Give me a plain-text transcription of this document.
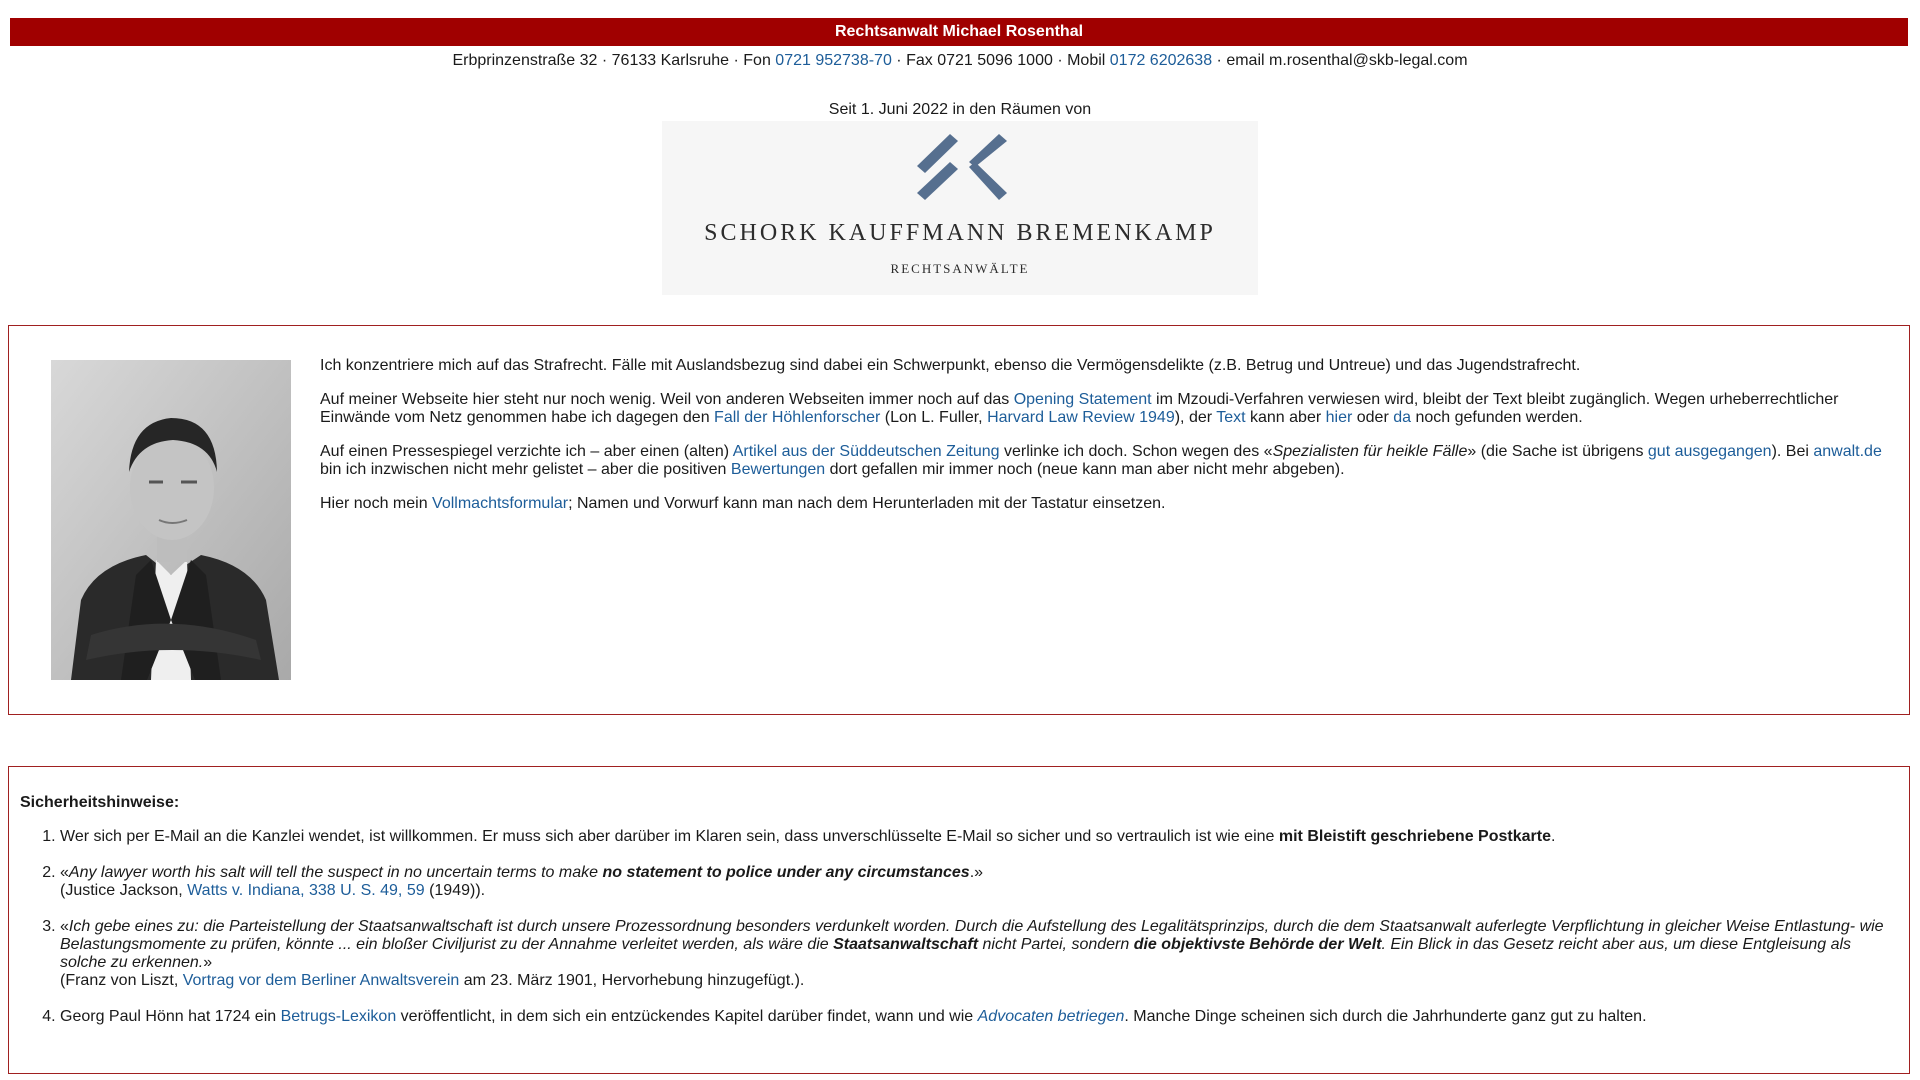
Rechtsanwalt Michael Rosenthal
Erbprinzenstraße 32 · 76133 Karlsruhe · Fon 0721 952738-70 · Fax 0721 5096 1000 · Mobil 0172 6202638 · email m.rosenthal@skb-legal.com
Seit 1. Juni 2022 in den Räumen von
SCHORK KAUFFMANN BREMENKAMP
RECHTSANWÄLTE

Ich konzentriere mich auf das Strafrecht. Fälle mit Auslandsbezug sind dabei ein Schwerpunkt, ebenso die Vermögensdelikte (z.B. Betrug und Untreue) und das Jugendstrafrecht.

Auf meiner Webseite hier steht nur noch wenig. Weil von anderen Webseiten immer noch auf das Opening Statement im Mzoudi-Verfahren verwiesen wird, bleibt der Text bleibt zugänglich. Wegen urheberrechtlicher Einwände vom Netz genommen habe ich dagegen den Fall der Höhlenforscher (Lon L. Fuller, Harvard Law Review 1949), der Text kann aber hier oder da noch gefunden werden.

Auf einen Pressespiegel verzichte ich – aber einen (alten) Artikel aus der Süddeutschen Zeitung verlinke ich doch. Schon wegen des «Spezialisten für heikle Fälle» (die Sache ist übrigens gut ausgegangen). Bei anwalt.de bin ich inzwischen nicht mehr gelistet – aber die positiven Bewertungen dort gefallen mir immer noch (neue kann man aber nicht mehr abgeben).

Hier noch mein Vollmachtsformular; Namen und Vorwurf kann man nach dem Herunterladen mit der Tastatur einsetzen.

Sicherheitshinweise:
1. Wer sich per E-Mail an die Kanzlei wendet, ist willkommen. Er muss sich aber darüber im Klaren sein, dass unverschlüsselte E-Mail so sicher und so vertraulich ist wie eine mit Bleistift geschriebene Postkarte.
2. «Any lawyer worth his salt will tell the suspect in no uncertain terms to make no statement to police under any circumstances.»
(Justice Jackson, Watts v. Indiana, 338 U. S. 49, 59 (1949)).
3. «Ich gebe eines zu: die Parteistellung der Staatsanwaltschaft ist durch unsere Prozessordnung besonders verdunkelt worden. Durch die Aufstellung des Legalitätsprinzips, durch die dem Staatsanwalt auferlegte Verpflichtung in gleicher Weise Entlastung- wie Belastungsmomente zu prüfen, könnte ... ein bloßer Civiljurist zu der Annahme verleitet werden, als wäre die Staatsanwaltschaft nicht Partei, sondern die objektivste Behörde der Welt. Ein Blick in das Gesetz reicht aber aus, um diese Entgleisung als solche zu erkennen.»
(Franz von Liszt, Vortrag vor dem Berliner Anwaltsverein am 23. März 1901, Hervorhebung hinzugefügt.).
4. Georg Paul Hönn hat 1724 ein Betrugs-Lexikon veröffentlicht, in dem sich ein entzückendes Kapitel darüber findet, wann und wie Advocaten betriegen. Manche Dinge scheinen sich durch die Jahrhunderte ganz gut zu halten.
